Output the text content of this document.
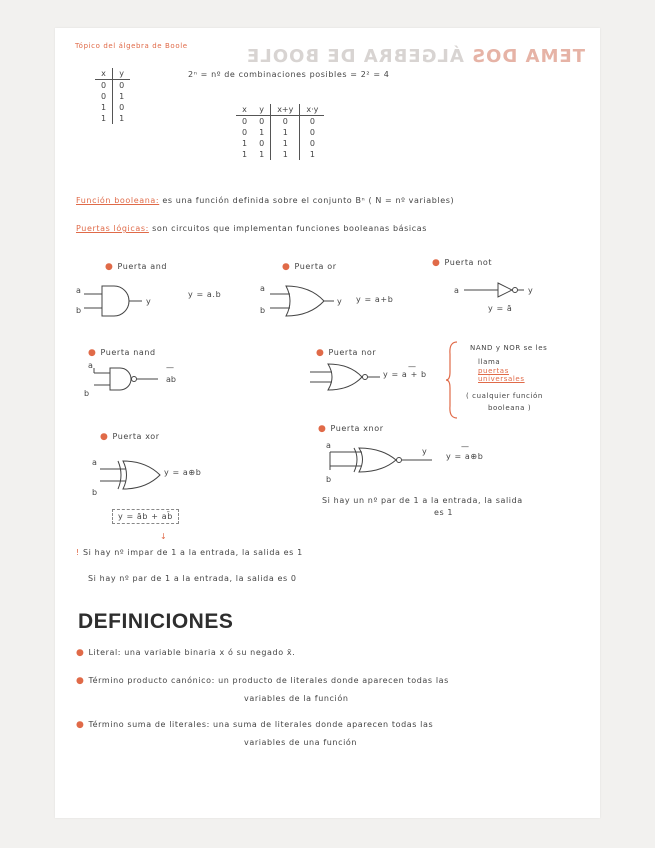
Tópico del álgebra de Boole	TEMA DOS ÁLGEBRA DE BOOLE
x	y
0	0
0	1
1	0
1	1
2ⁿ = nº de combinaciones posibles = 2² = 4
x	y	x+y	x·y
0	0	0	0
0	1	1	0
1	0	1	0
1	1	1	1
Función booleana: es una función definida sobre el conjunto Bⁿ ( N = nº variables)
Puertas lógicas: son circuitos que implementan funciones booleanas básicas
● Puerta and
a
b
y
y = a.b
● Puerta or
a
b
y y = a+b
● Puerta not
a	y
y = ā
● Puerta nand
a
b
—
ab
● Puerta nor
—
y = a + b
NAND y NOR se les
llama
puertas universales
( cualquier función
booleana )
● Puerta xor
a
b
y = a⊕b
y = āb + ab̄
↓
● Puerta xnor
a
b
y
—
y = a⊕b
Si hay un nº par de 1 a la entrada, la salida
es 1
! Si hay nº impar de 1 a la entrada, la salida es 1
Si hay nº par de 1 a la entrada, la salida es 0
DEFINICIONES
● Literal: una variable binaria x ó su negado x̄.
● Término producto canónico: un producto de literales donde aparecen todas las
variables de la función
● Término suma de literales: una suma de literales donde aparecen todas las
variables de una función
